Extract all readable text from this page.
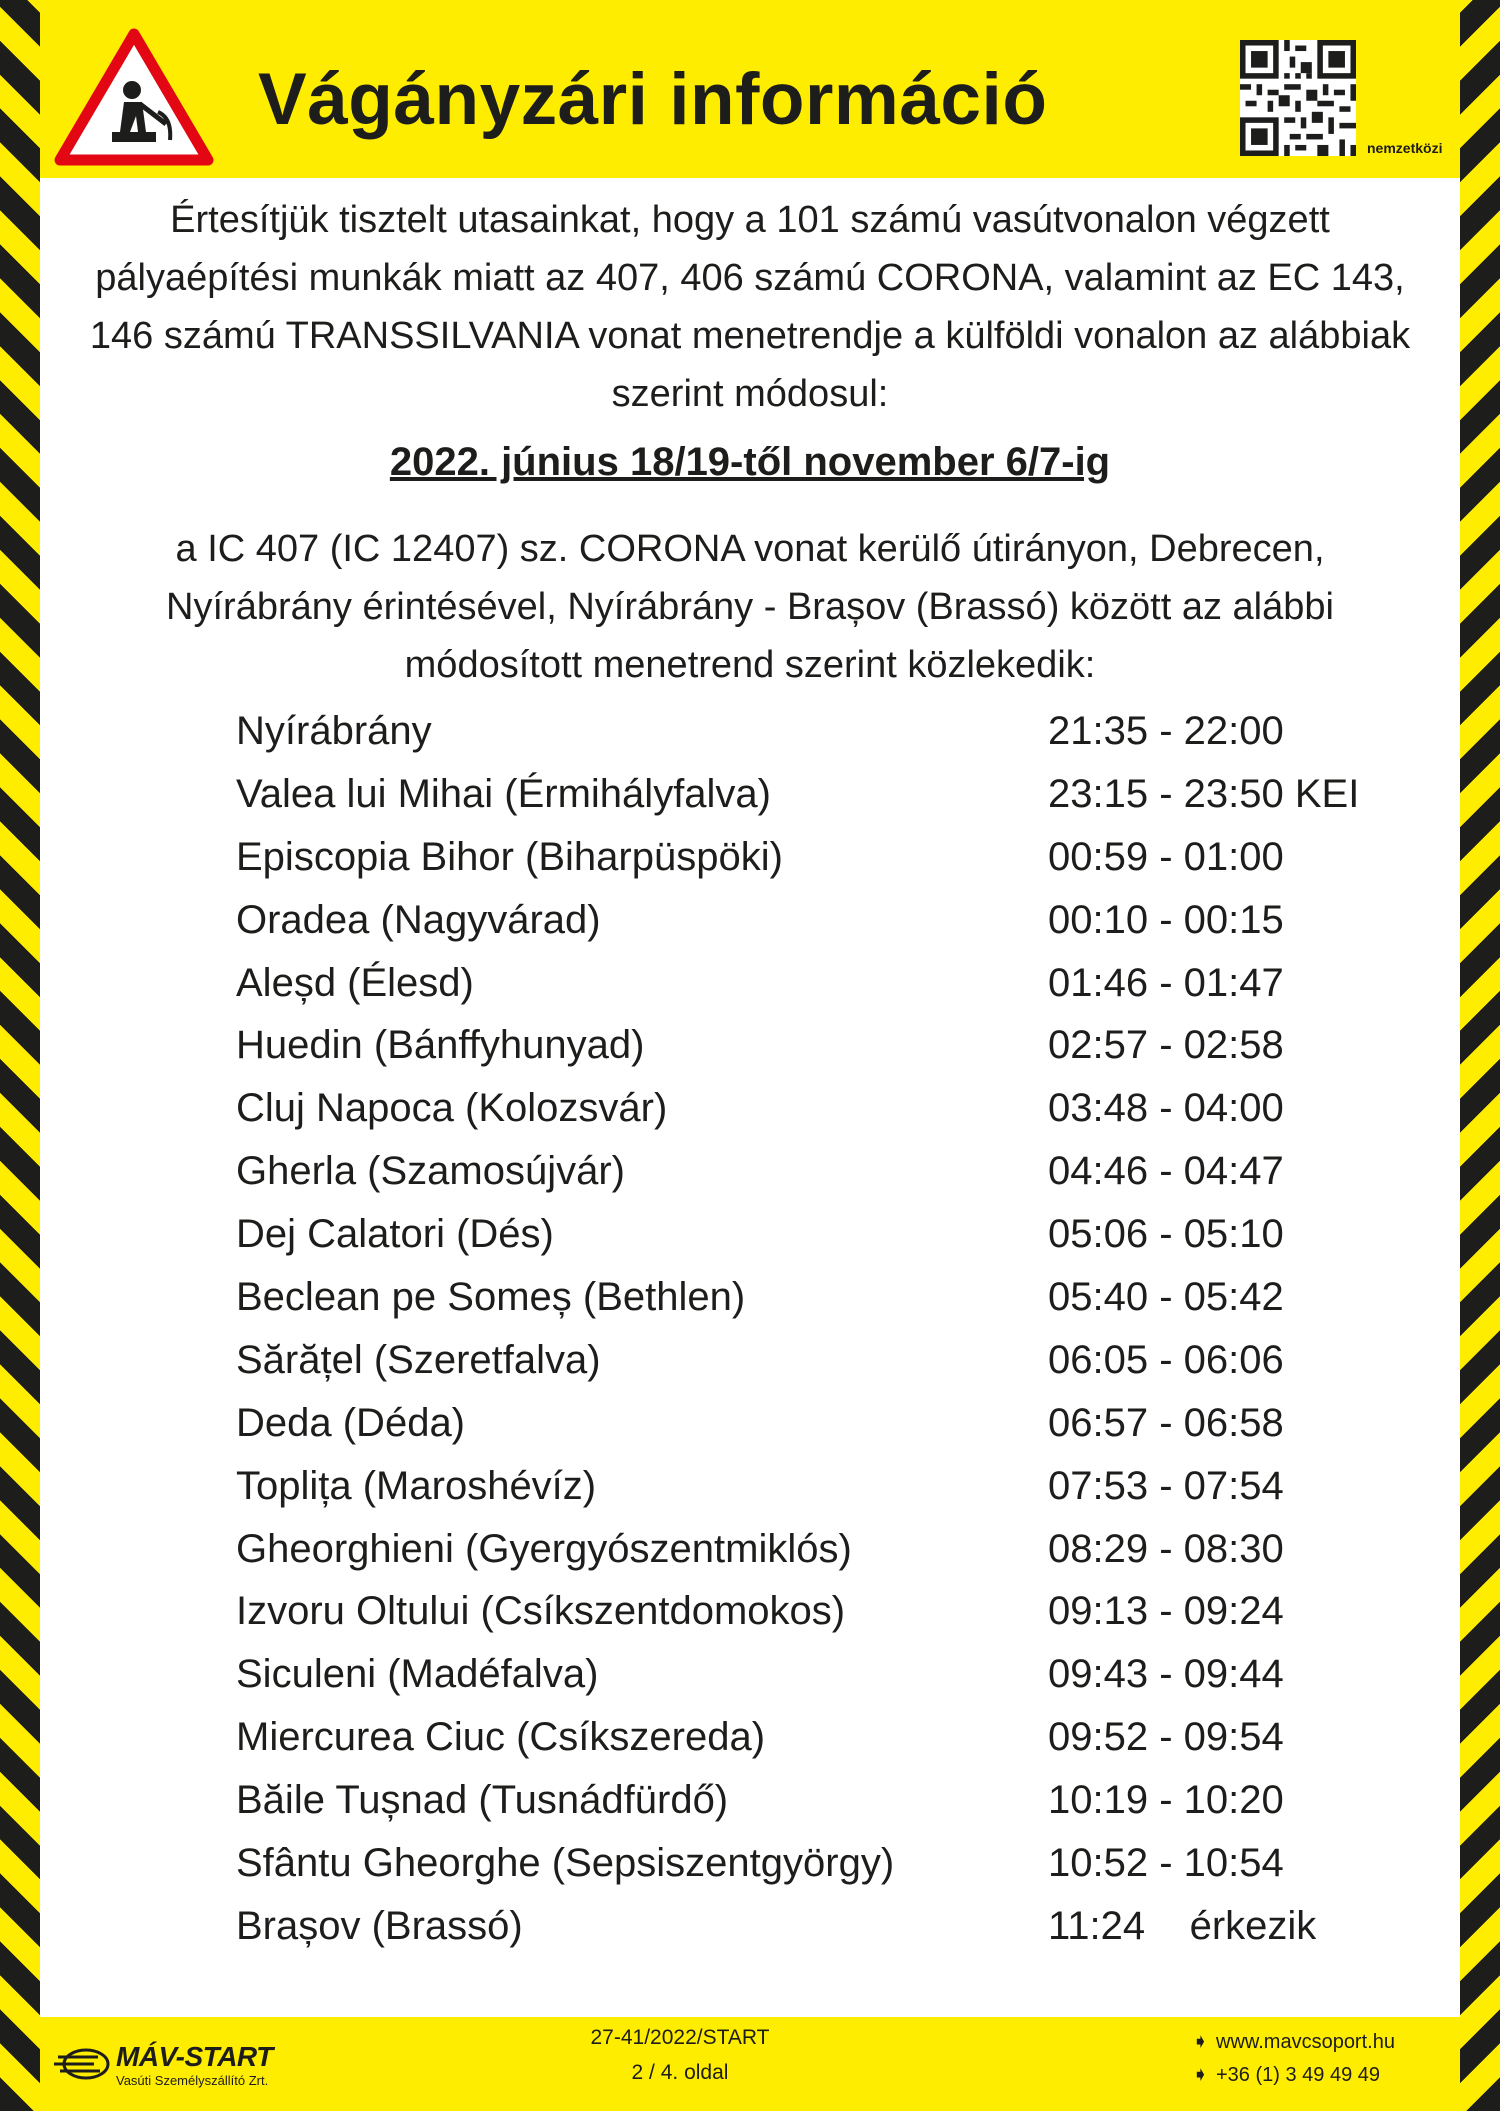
Vágányzári információ
nemzetközi

Értesítjük tisztelt utasainkat, hogy a 101 számú vasútvonalon végzett pályaépítési munkák miatt az 407, 406 számú CORONA, valamint az EC 143, 146 számú TRANSSILVANIA vonat menetrendje a külföldi vonalon az alábbiak szerint módosul:

2022. június 18/19-től november 6/7-ig

a IC 407 (IC 12407) sz. CORONA vonat kerülő útirányon, Debrecen, Nyírábrány érintésével, Nyírábrány - Brașov (Brassó) között az alábbi módosított menetrend szerint közlekedik:

Nyírábrány	21:35 - 22:00
Valea lui Mihai (Érmihályfalva)	23:15 - 23:50 KEI
Episcopia Bihor (Biharpüspöki)	00:59 - 01:00
Oradea (Nagyvárad)	00:10 - 00:15
Aleșd (Élesd)	01:46 - 01:47
Huedin (Bánffyhunyad)	02:57 - 02:58
Cluj Napoca (Kolozsvár)	03:48 - 04:00
Gherla (Szamosújvár)	04:46 - 04:47
Dej Calatori (Dés)	05:06 - 05:10
Beclean pe Someș (Bethlen)	05:40 - 05:42
Sărățel (Szeretfalva)	06:05 - 06:06
Deda (Déda)	06:57 - 06:58
Toplița (Maroshévíz)	07:53 - 07:54
Gheorghieni (Gyergyószentmiklós)	08:29 - 08:30
Izvoru Oltului (Csíkszentdomokos)	09:13 - 09:24
Siculeni (Madéfalva)	09:43 - 09:44
Miercurea Ciuc (Csíkszereda)	09:52 - 09:54
Băile Tușnad (Tusnádfürdő)	10:19 - 10:20
Sfântu Gheorghe (Sepsiszentgyörgy)	10:52 - 10:54
Brașov (Brassó)	11:24    érkezik
MÁV-START
Vasúti Személyszállító Zrt.
27-41/2022/START
2 / 4. oldal
➧ www.mavcsoport.hu
➧ +36 (1) 3 49 49 49
